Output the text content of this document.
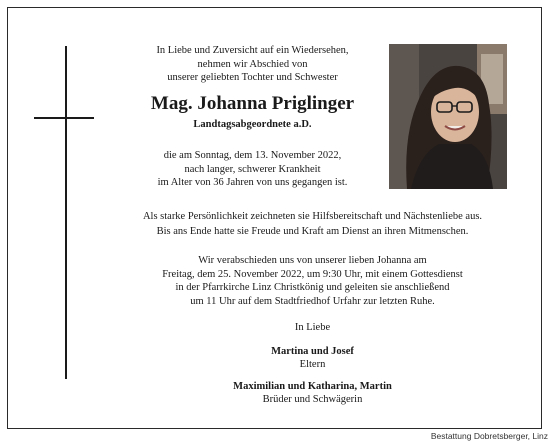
In Liebe und Zuversicht auf ein Wiedersehen,
nehmen wir Abschied von
unserer geliebten Tochter und Schwester
Mag. Johanna Priglinger
Landtagsabgeordnete a.D.
die am Sonntag, dem 13. November 2022,
nach langer, schwerer Krankheit
im Alter von 36 Jahren von uns gegangen ist.
Als starke Persönlichkeit zeichneten sie Hilfsbereitschaft und Nächstenliebe aus.
Bis ans Ende hatte sie Freude und Kraft am Dienst an ihren Mitmenschen.
Wir verabschieden uns von unserer lieben Johanna am
Freitag, dem 25. November 2022, um 9:30 Uhr, mit einem Gottesdienst
in der Pfarrkirche Linz Christkönig und geleiten sie anschließend
um 11 Uhr auf dem Stadtfriedhof Urfahr zur letzten Ruhe.
In Liebe
Martina und Josef
Eltern
Maximilian und Katharina, Martin
Brüder und Schwägerin
Bestattung Dobretsberger, Linz
